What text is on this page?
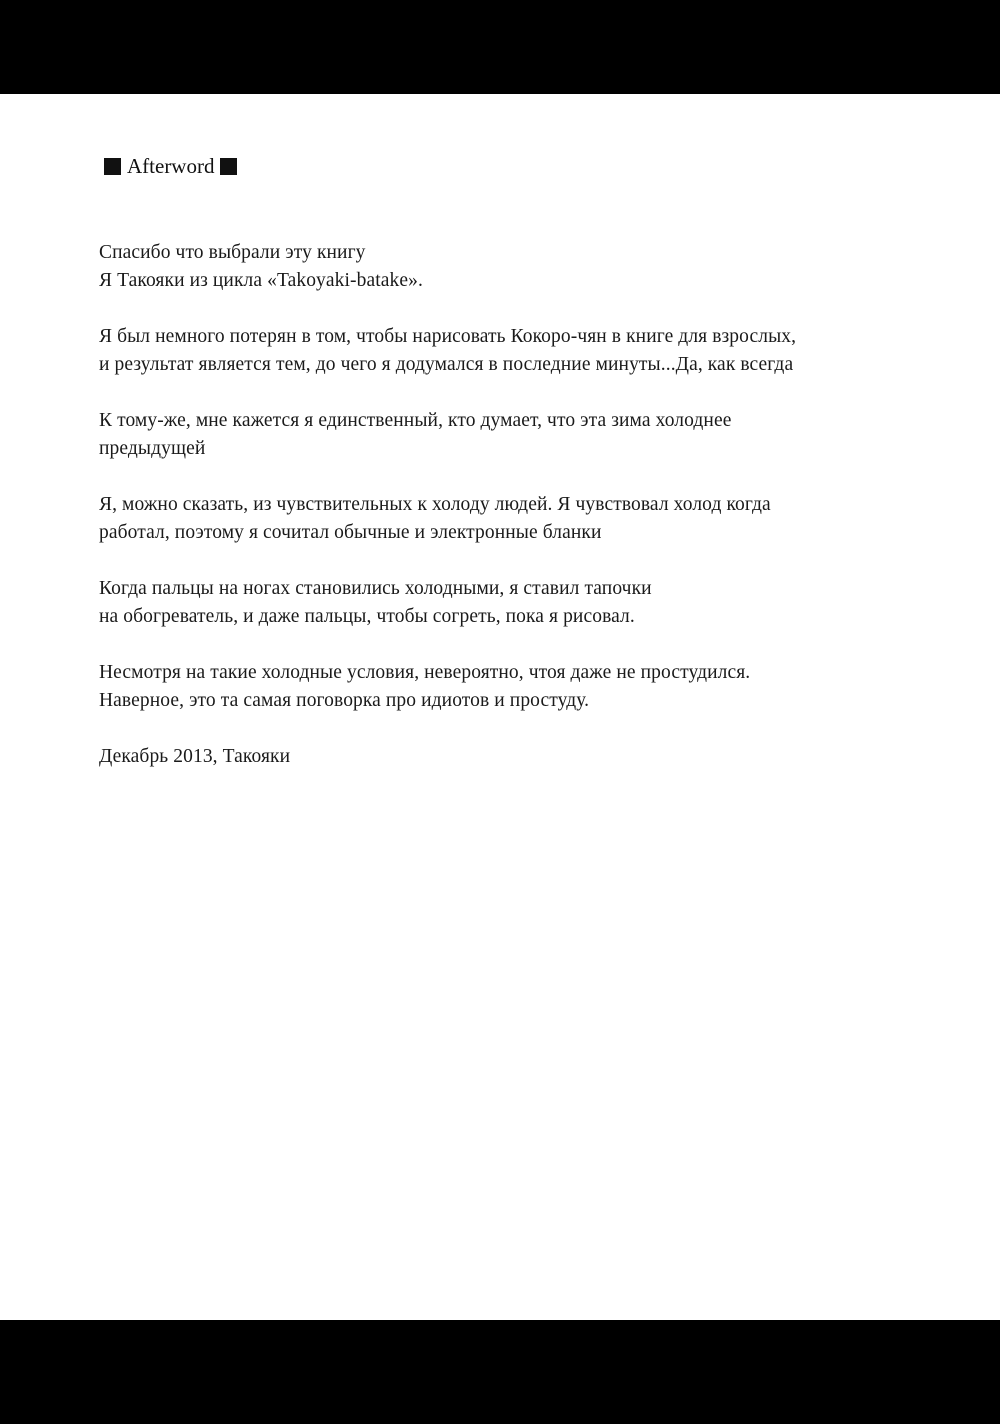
Afterword

Спасибо что выбрали эту книгу
Я Такояки из цикла «Takoyaki-batake».

Я был немного потерян в том, чтобы нарисовать Кокоро-чян в книге для взрослых,
и результат является тем, до чего я додумался в последние минуты...Да, как всегда

К тому-же, мне кажется я единственный, кто думает, что эта зима холоднее
предыдущей

Я, можно сказать, из чувствительных к холоду людей. Я чувствовал холод когда
работал, поэтому я сочитал обычные и электронные бланки

Когда пальцы на ногах становились холодными, я ставил тапочки
на обогреватель, и даже пальцы, чтобы согреть, пока я рисовал.

Несмотря на такие холодные условия, невероятно, чтоя даже не простудился.
Наверное, это та самая поговорка про идиотов и простуду.

Декабрь 2013, Такояки
